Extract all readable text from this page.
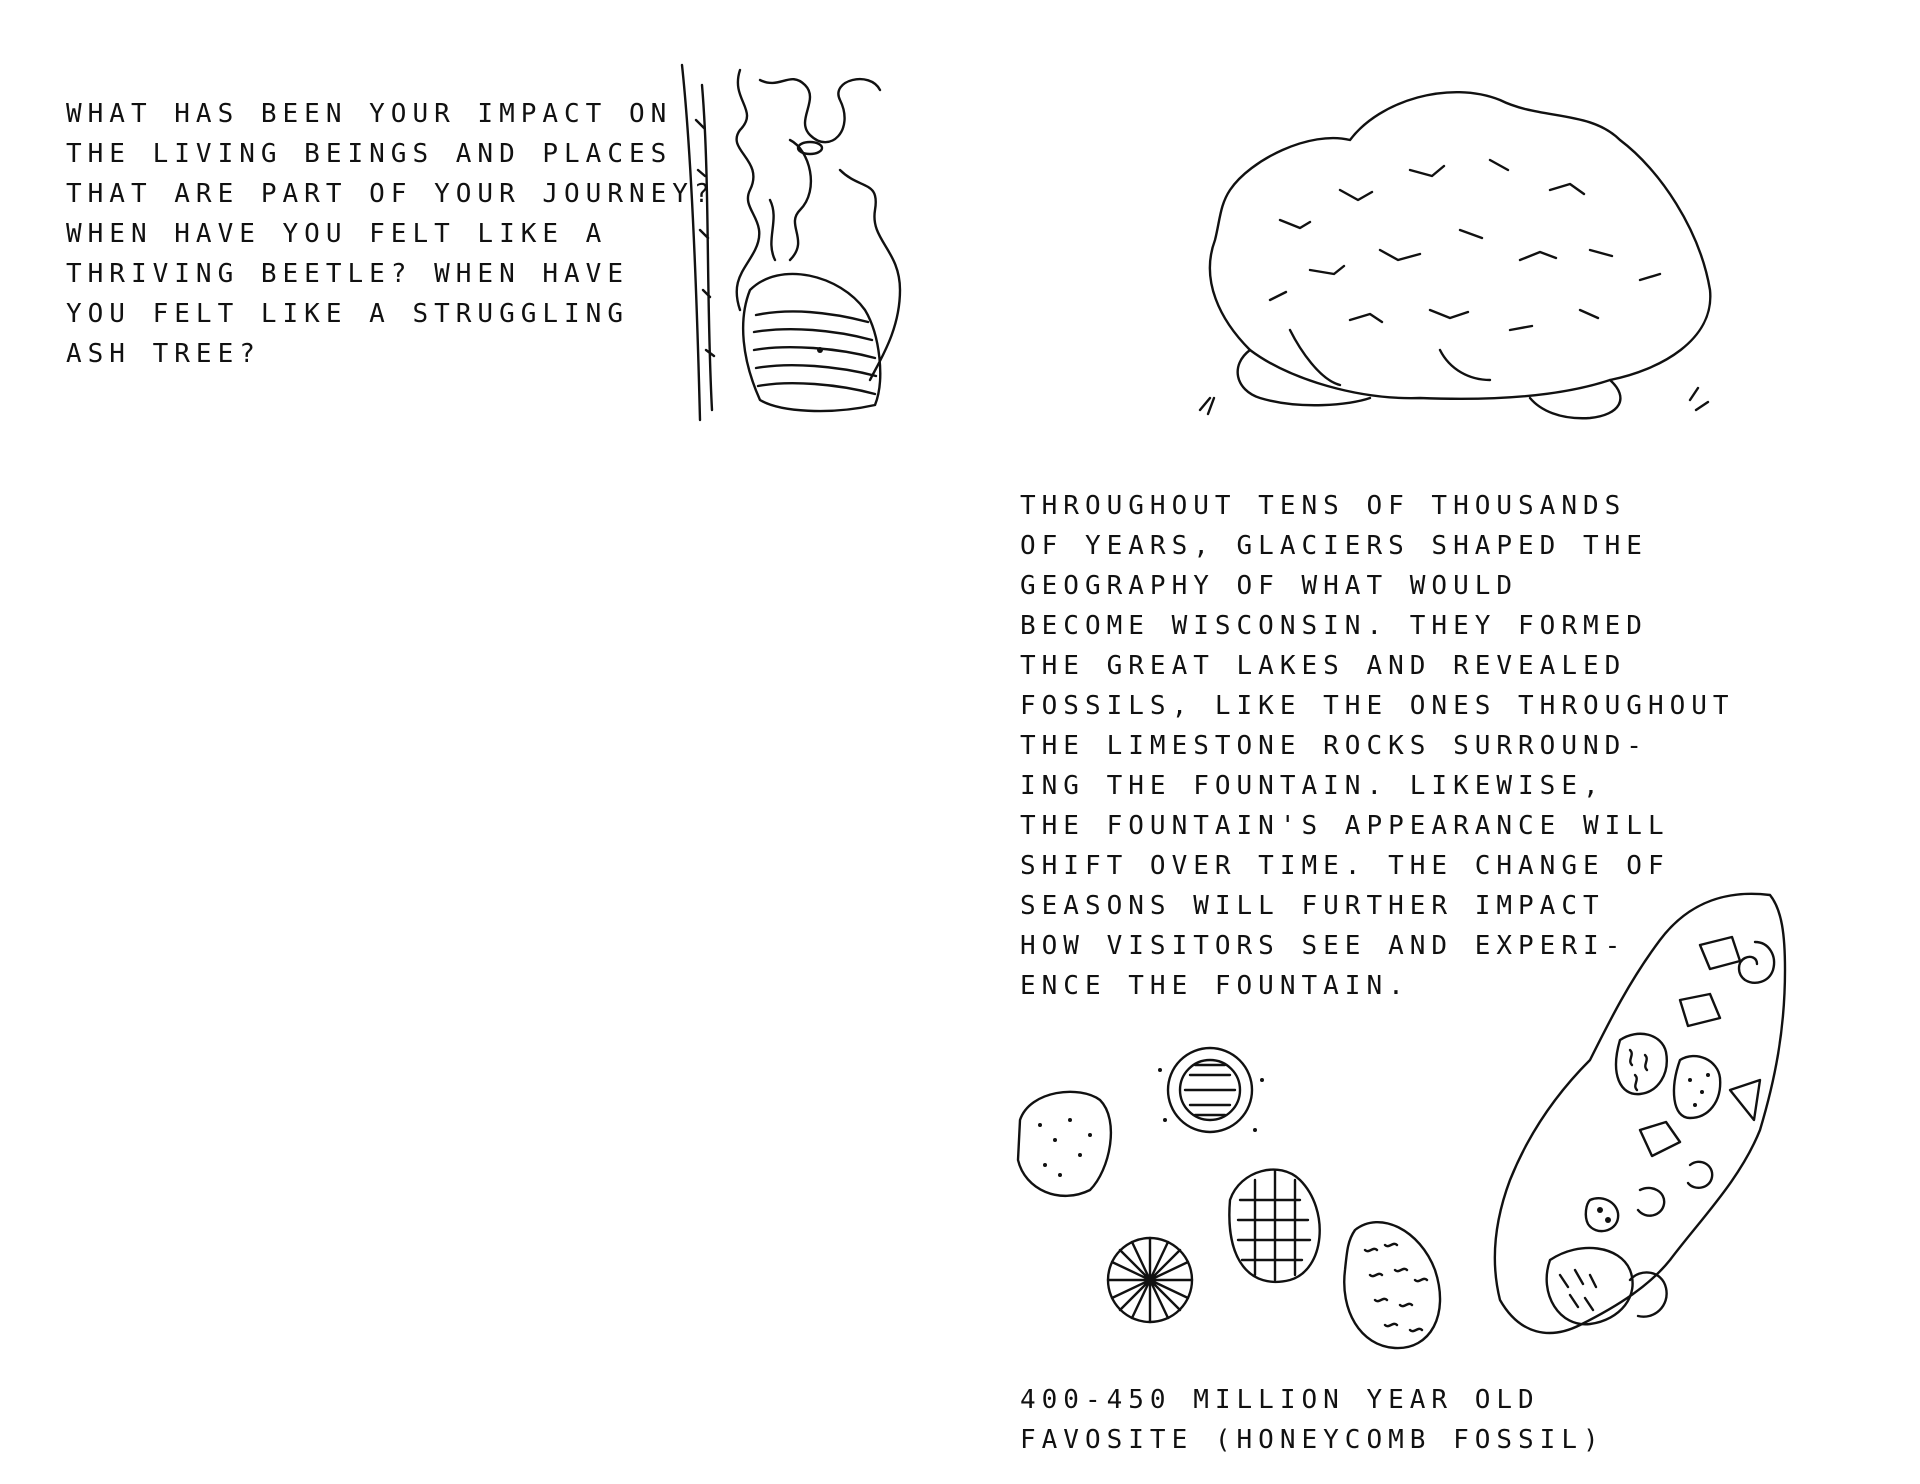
WHAT HAS BEEN YOUR IMPACT ON
THE LIVING BEINGS AND PLACES
THAT ARE PART OF YOUR JOURNEY?
WHEN HAVE YOU FELT LIKE A
THRIVING BEETLE? WHEN HAVE
YOU FELT LIKE A STRUGGLING
ASH TREE?
THROUGHOUT TENS OF THOUSANDS
OF YEARS, GLACIERS SHAPED THE
GEOGRAPHY OF WHAT WOULD
BECOME WISCONSIN. THEY FORMED
THE GREAT LAKES AND REVEALED
FOSSILS, LIKE THE ONES THROUGHOUT
THE LIMESTONE ROCKS SURROUND-
ING THE FOUNTAIN. LIKEWISE,
THE FOUNTAIN'S APPEARANCE WILL
SHIFT OVER TIME. THE CHANGE OF
SEASONS WILL FURTHER IMPACT
HOW VISITORS SEE AND EXPERI-
ENCE THE FOUNTAIN.
400-450 MILLION YEAR OLD
FAVOSITE (HONEYCOMB FOSSIL)
